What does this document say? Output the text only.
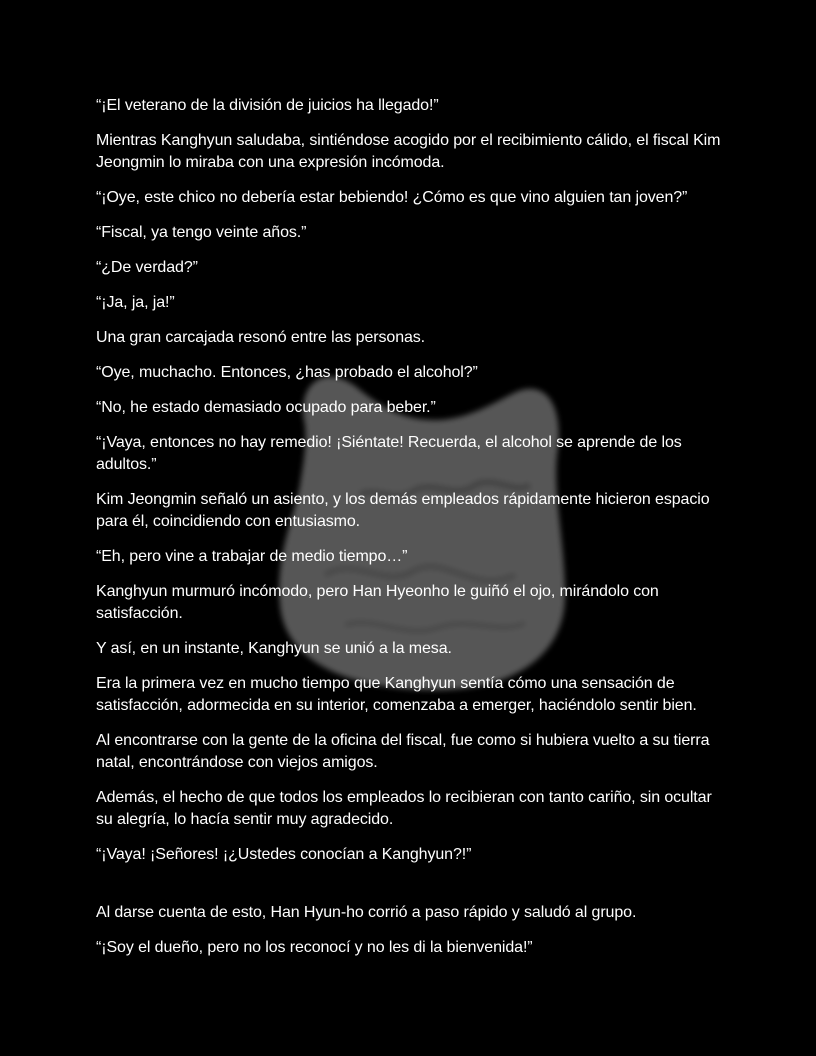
“¡El veterano de la división de juicios ha llegado!”

Mientras Kanghyun saludaba, sintiéndose acogido por el recibimiento cálido, el fiscal Kim Jeongmin lo miraba con una expresión incómoda.

“¡Oye, este chico no debería estar bebiendo! ¿Cómo es que vino alguien tan joven?”

“Fiscal, ya tengo veinte años.”

“¿De verdad?”

“¡Ja, ja, ja!”

Una gran carcajada resonó entre las personas.

“Oye, muchacho. Entonces, ¿has probado el alcohol?”

“No, he estado demasiado ocupado para beber.”

“¡Vaya, entonces no hay remedio! ¡Siéntate! Recuerda, el alcohol se aprende de los adultos.”

Kim Jeongmin señaló un asiento, y los demás empleados rápidamente hicieron espacio para él, coincidiendo con entusiasmo.

“Eh, pero vine a trabajar de medio tiempo…”

Kanghyun murmuró incómodo, pero Han Hyeonho le guiñó el ojo, mirándolo con satisfacción.

Y así, en un instante, Kanghyun se unió a la mesa.

Era la primera vez en mucho tiempo que Kanghyun sentía cómo una sensación de satisfacción, adormecida en su interior, comenzaba a emerger, haciéndolo sentir bien.

Al encontrarse con la gente de la oficina del fiscal, fue como si hubiera vuelto a su tierra natal, encontrándose con viejos amigos.

Además, el hecho de que todos los empleados lo recibieran con tanto cariño, sin ocultar su alegría, lo hacía sentir muy agradecido.

“¡Vaya! ¡Señores! ¡¿Ustedes conocían a Kanghyun?!”

Al darse cuenta de esto, Han Hyun-ho corrió a paso rápido y saludó al grupo.

“¡Soy el dueño, pero no los reconocí y no les di la bienvenida!”
